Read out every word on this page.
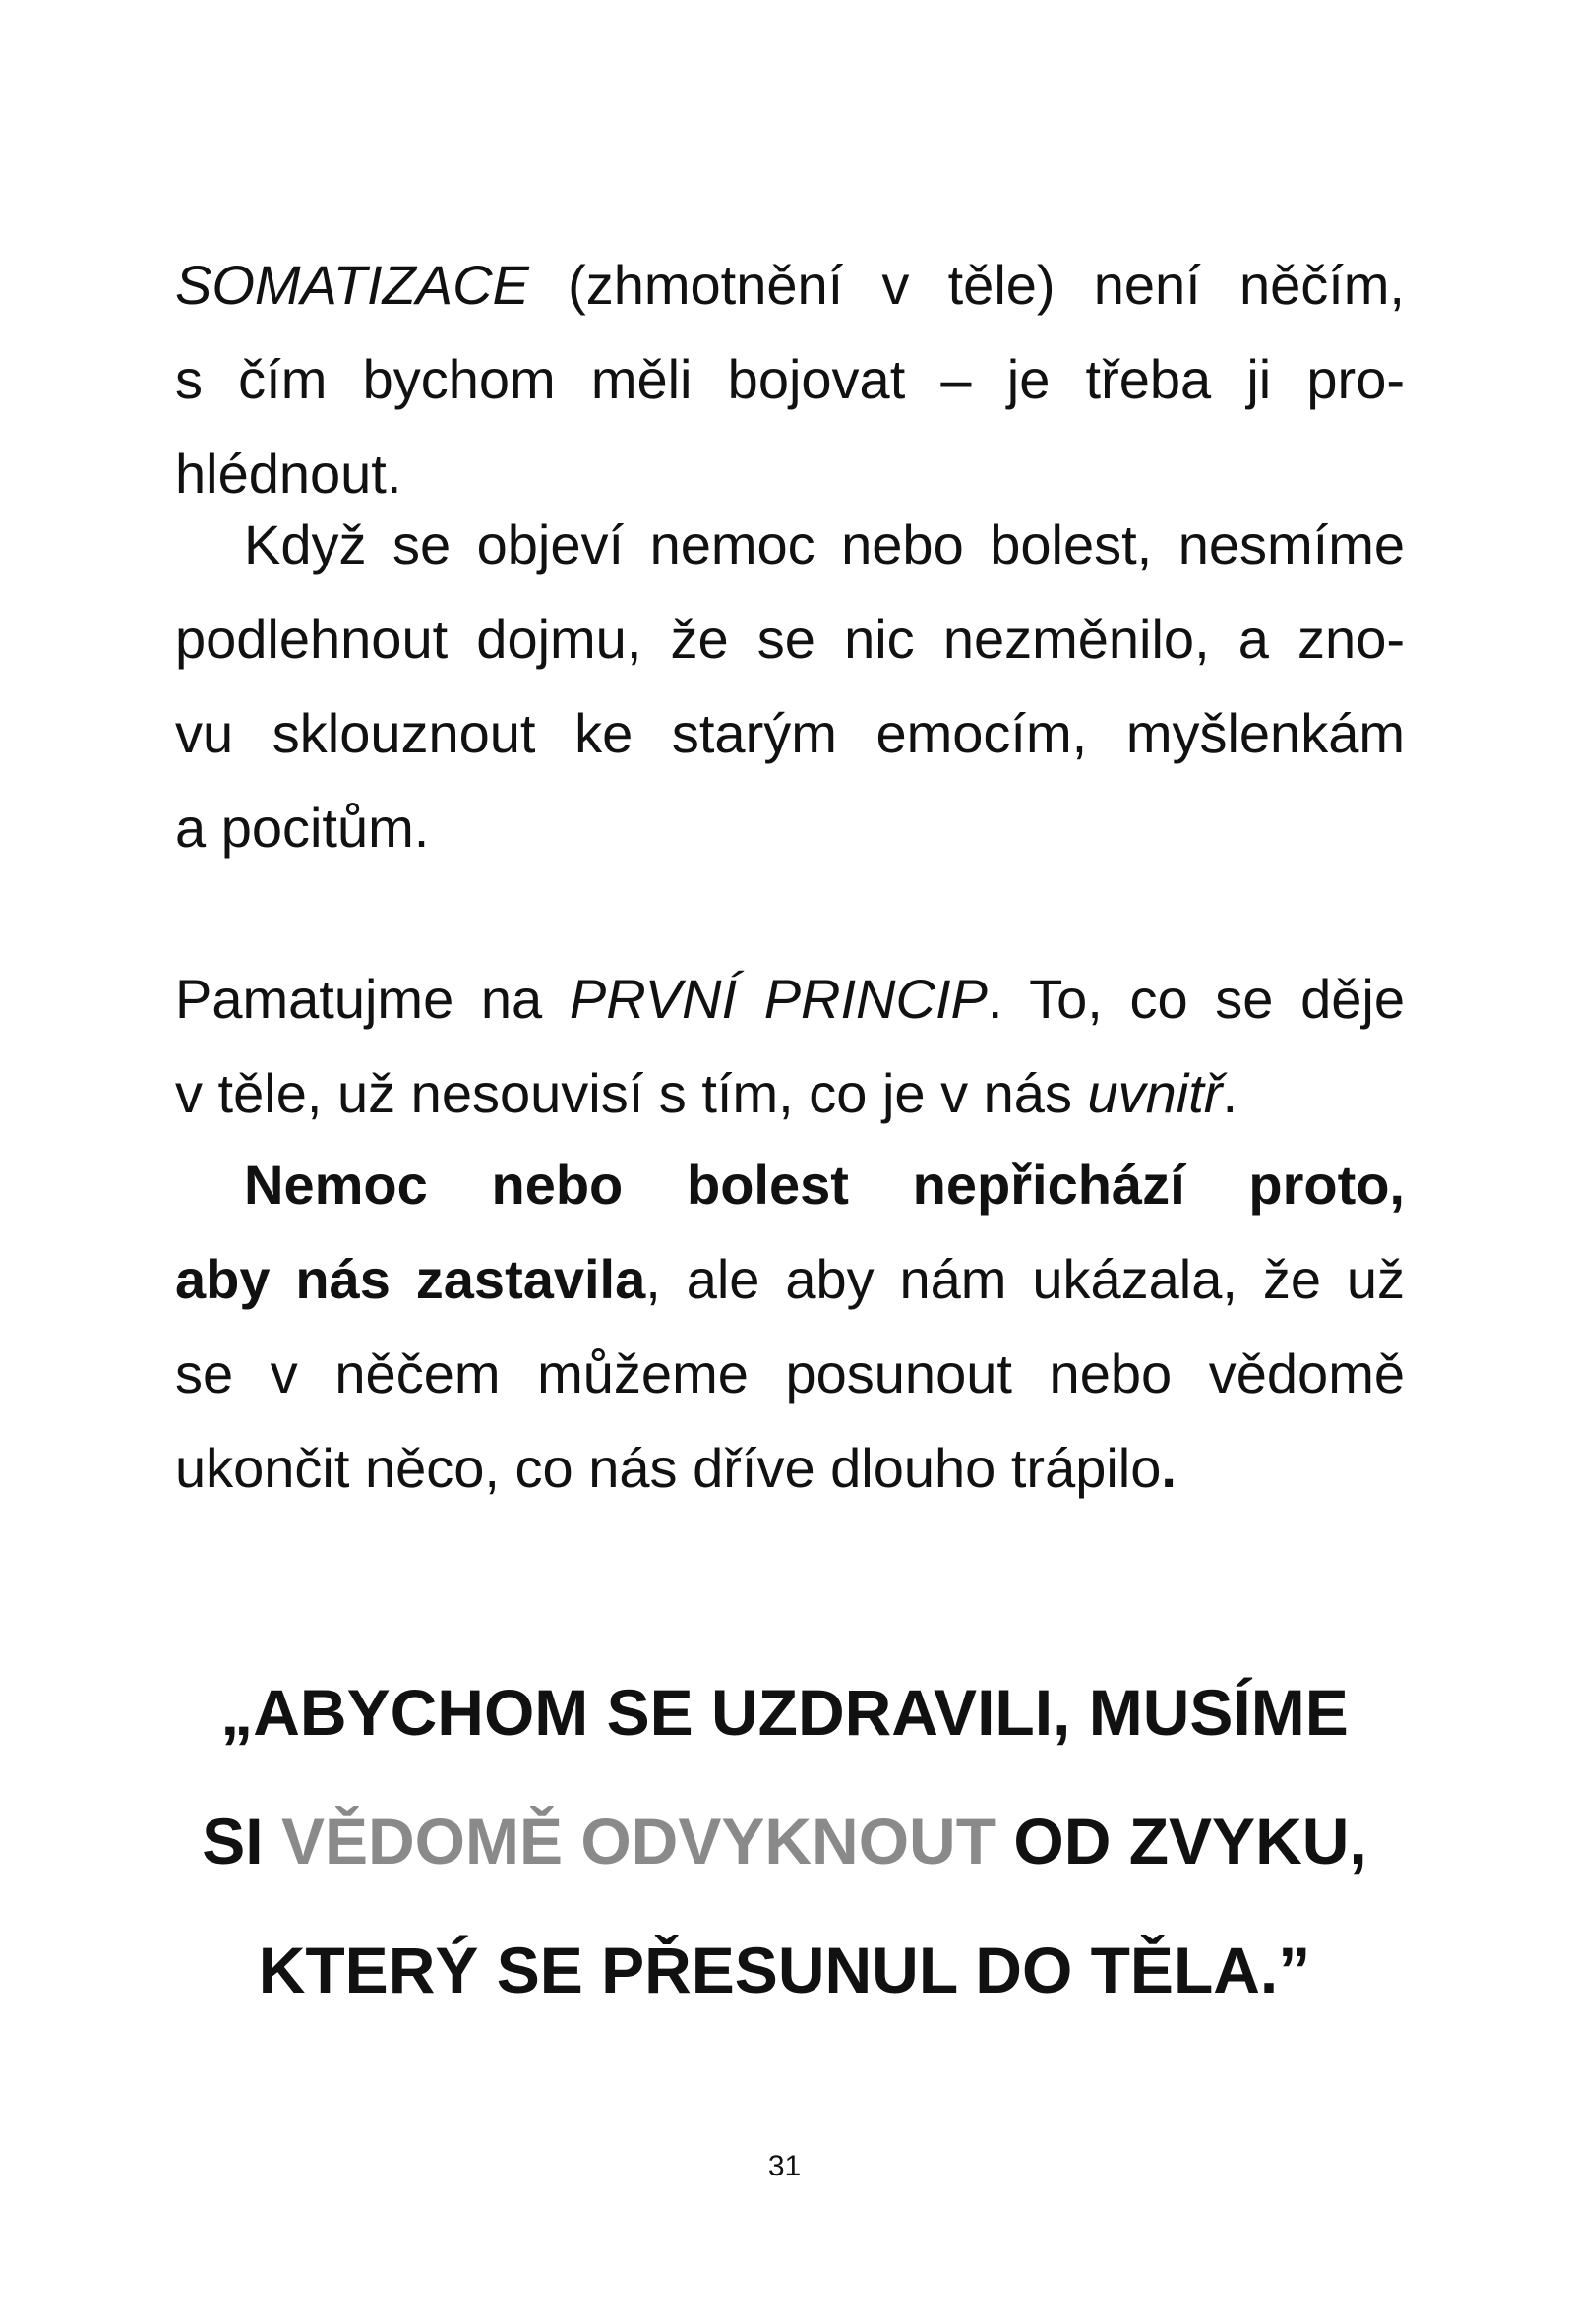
SOMATIZACE (zhmotnění v těle) není něčím,
s čím bychom měli bojovat – je třeba ji pro-
hlédnout.
Když se objeví nemoc nebo bolest, nesmíme
podlehnout dojmu, že se nic nezměnilo, a zno-
vu sklouznout ke starým emocím, myšlenkám
a pocitům.
Pamatujme na PRVNÍ PRINCIP. To, co se děje
v těle, už nesouvisí s tím, co je v nás uvnitř.
Nemoc nebo bolest nepřichází proto,
aby nás zastavila, ale aby nám ukázala, že už
se v něčem můžeme posunout nebo vědomě
ukončit něco, co nás dříve dlouho trápilo.
„ABYCHOM SE UZDRAVILI, MUSÍME
SI VĚDOMĚ ODVYKNOUT OD ZVYKU,
KTERÝ SE PŘESUNUL DO TĚLA.”
31
